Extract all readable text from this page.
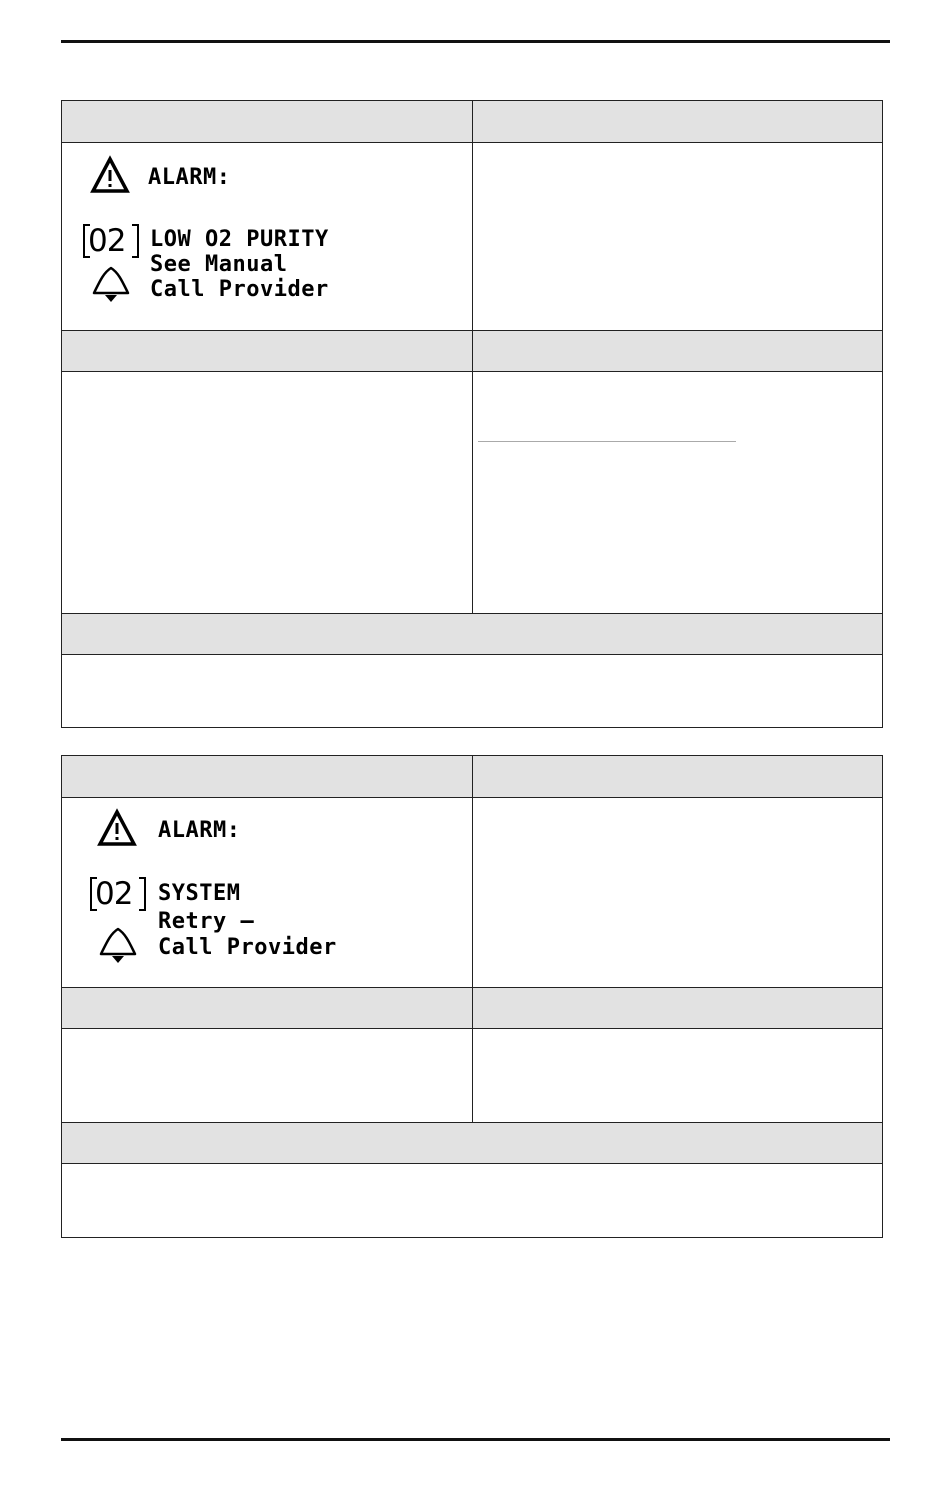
ALARM:
02 LOW O2 PURITY
See Manual
Call Provider
ALARM:
02 SYSTEM
Retry –
Call Provider
